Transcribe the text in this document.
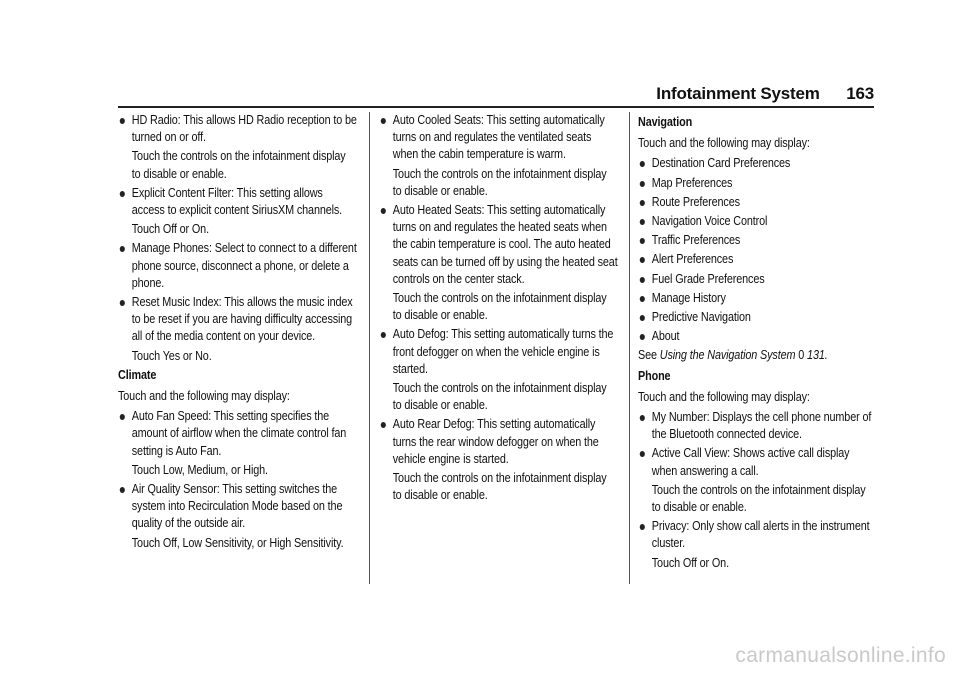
Infotainment System 163
HD Radio: This allows HD Radio reception to be turned on or off.
Touch the controls on the infotainment display to disable or enable.
Explicit Content Filter: This setting allows access to explicit content SiriusXM channels.
Touch Off or On.
Manage Phones: Select to connect to a different phone source, disconnect a phone, or delete a phone.
Reset Music Index: This allows the music index to be reset if you are having difficulty accessing all of the media content on your device.
Touch Yes or No.
Climate
Touch and the following may display:
Auto Fan Speed: This setting specifies the amount of airflow when the climate control fan setting is Auto Fan.
Touch Low, Medium, or High.
Air Quality Sensor: This setting switches the system into Recirculation Mode based on the quality of the outside air.
Touch Off, Low Sensitivity, or High Sensitivity.
Auto Cooled Seats: This setting automatically turns on and regulates the ventilated seats when the cabin temperature is warm.
Touch the controls on the infotainment display to disable or enable.
Auto Heated Seats: This setting automatically turns on and regulates the heated seats when the cabin temperature is cool. The auto heated seats can be turned off by using the heated seat controls on the center stack.
Touch the controls on the infotainment display to disable or enable.
Auto Defog: This setting automatically turns the front defogger on when the vehicle engine is started.
Touch the controls on the infotainment display to disable or enable.
Auto Rear Defog: This setting automatically turns the rear window defogger on when the vehicle engine is started.
Touch the controls on the infotainment display to disable or enable.
Navigation
Touch and the following may display:
Destination Card Preferences
Map Preferences
Route Preferences
Navigation Voice Control
Traffic Preferences
Alert Preferences
Fuel Grade Preferences
Manage History
Predictive Navigation
About
See Using the Navigation System 0 131.
Phone
Touch and the following may display:
My Number: Displays the cell phone number of the Bluetooth connected device.
Active Call View: Shows active call display when answering a call.
Touch the controls on the infotainment display to disable or enable.
Privacy: Only show call alerts in the instrument cluster.
Touch Off or On.
carmanualsonline.info
